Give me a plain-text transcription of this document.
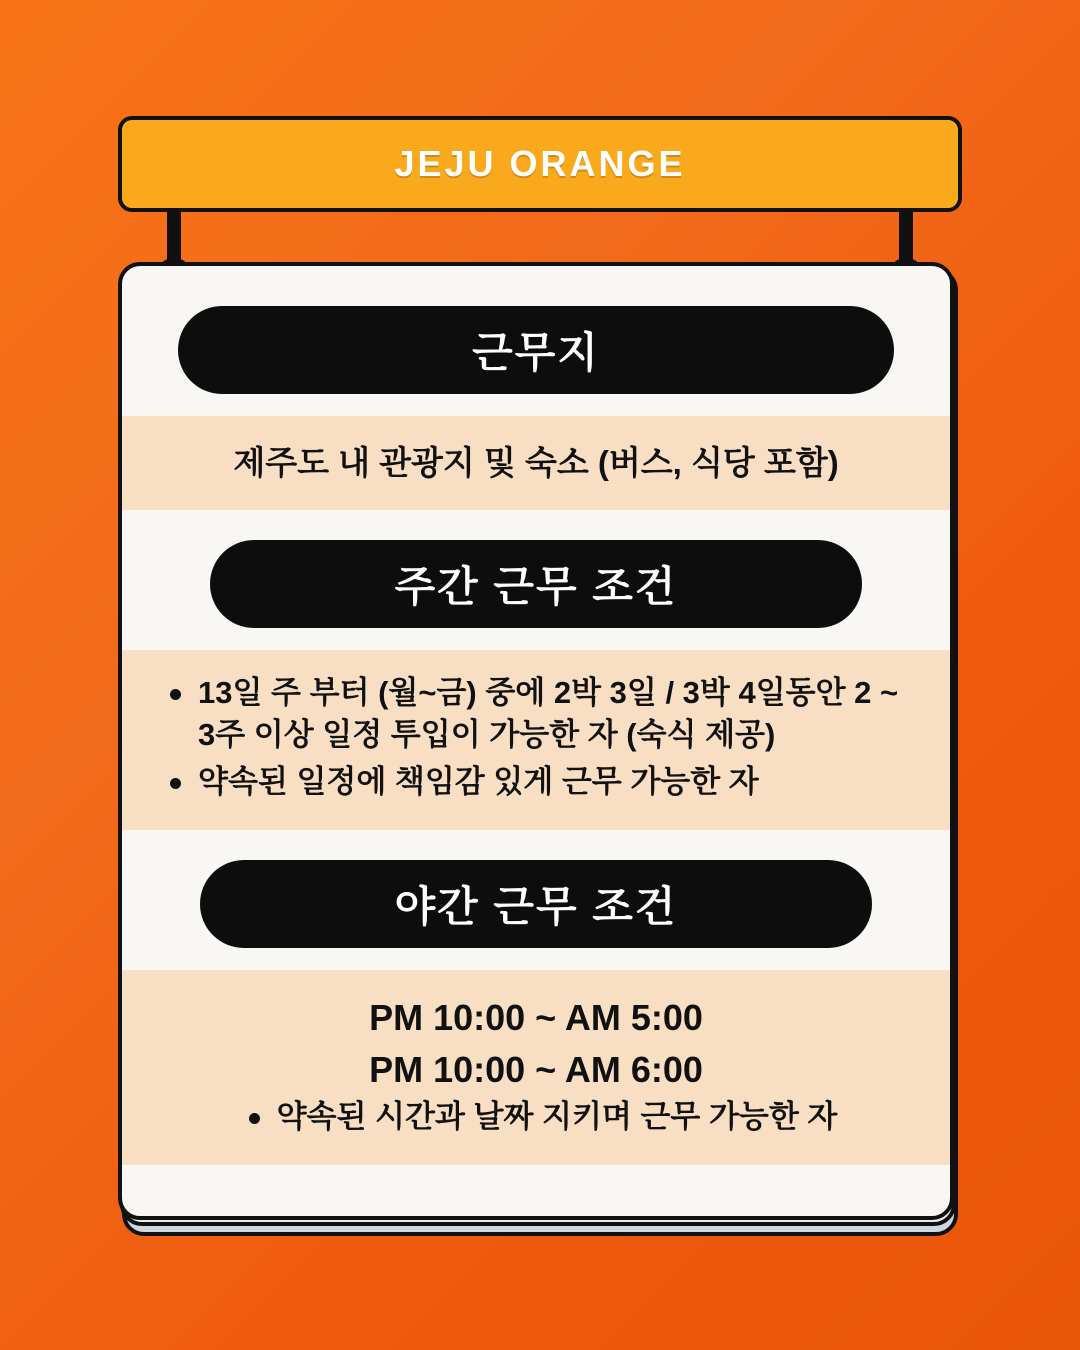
JEJU ORANGE
근무지
제주도 내 관광지 및 숙소 (버스, 식당 포함)
주간 근무 조건
13일 주 부터 (월~금) 중에 2박 3일 / 3박 4일동안 2 ~ 3주 이상 일정 투입이 가능한 자 (숙식 제공)
약속된 일정에 책임감 있게 근무 가능한 자
야간 근무 조건
PM 10:00 ~ AM 5:00
PM 10:00 ~ AM 6:00
약속된 시간과 날짜 지키며 근무 가능한 자
